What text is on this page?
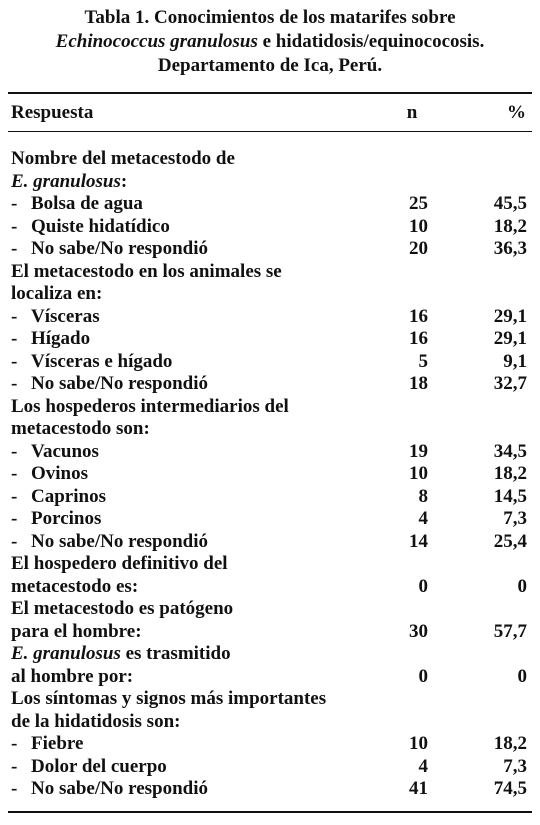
Tabla 1. Conocimientos de los matarifes sobre
Echinococcus granulosus e hidatidosis/equinococosis.
Departamento de Ica, Perú.
Respuesta	n	%
Nombre del metacestodo de
E. granulosus:
- Bolsa de agua	25	45,5
- Quiste hidatídico	10	18,2
- No sabe/No respondió	20	36,3
El metacestodo en los animales se
localiza en:
- Vísceras	16	29,1
- Hígado	16	29,1
- Vísceras e hígado	5	9,1
- No sabe/No respondió	18	32,7
Los hospederos intermediarios del
metacestodo son:
- Vacunos	19	34,5
- Ovinos	10	18,2
- Caprinos	8	14,5
- Porcinos	4	7,3
- No sabe/No respondió	14	25,4
El hospedero definitivo del
metacestodo es:	0	0
El metacestodo es patógeno
para el hombre:	30	57,7
E. granulosus es trasmitido
al hombre por:	0	0
Los síntomas y signos más importantes
de la hidatidosis son:
- Fiebre	10	18,2
- Dolor del cuerpo	4	7,3
- No sabe/No respondió	41	74,5
